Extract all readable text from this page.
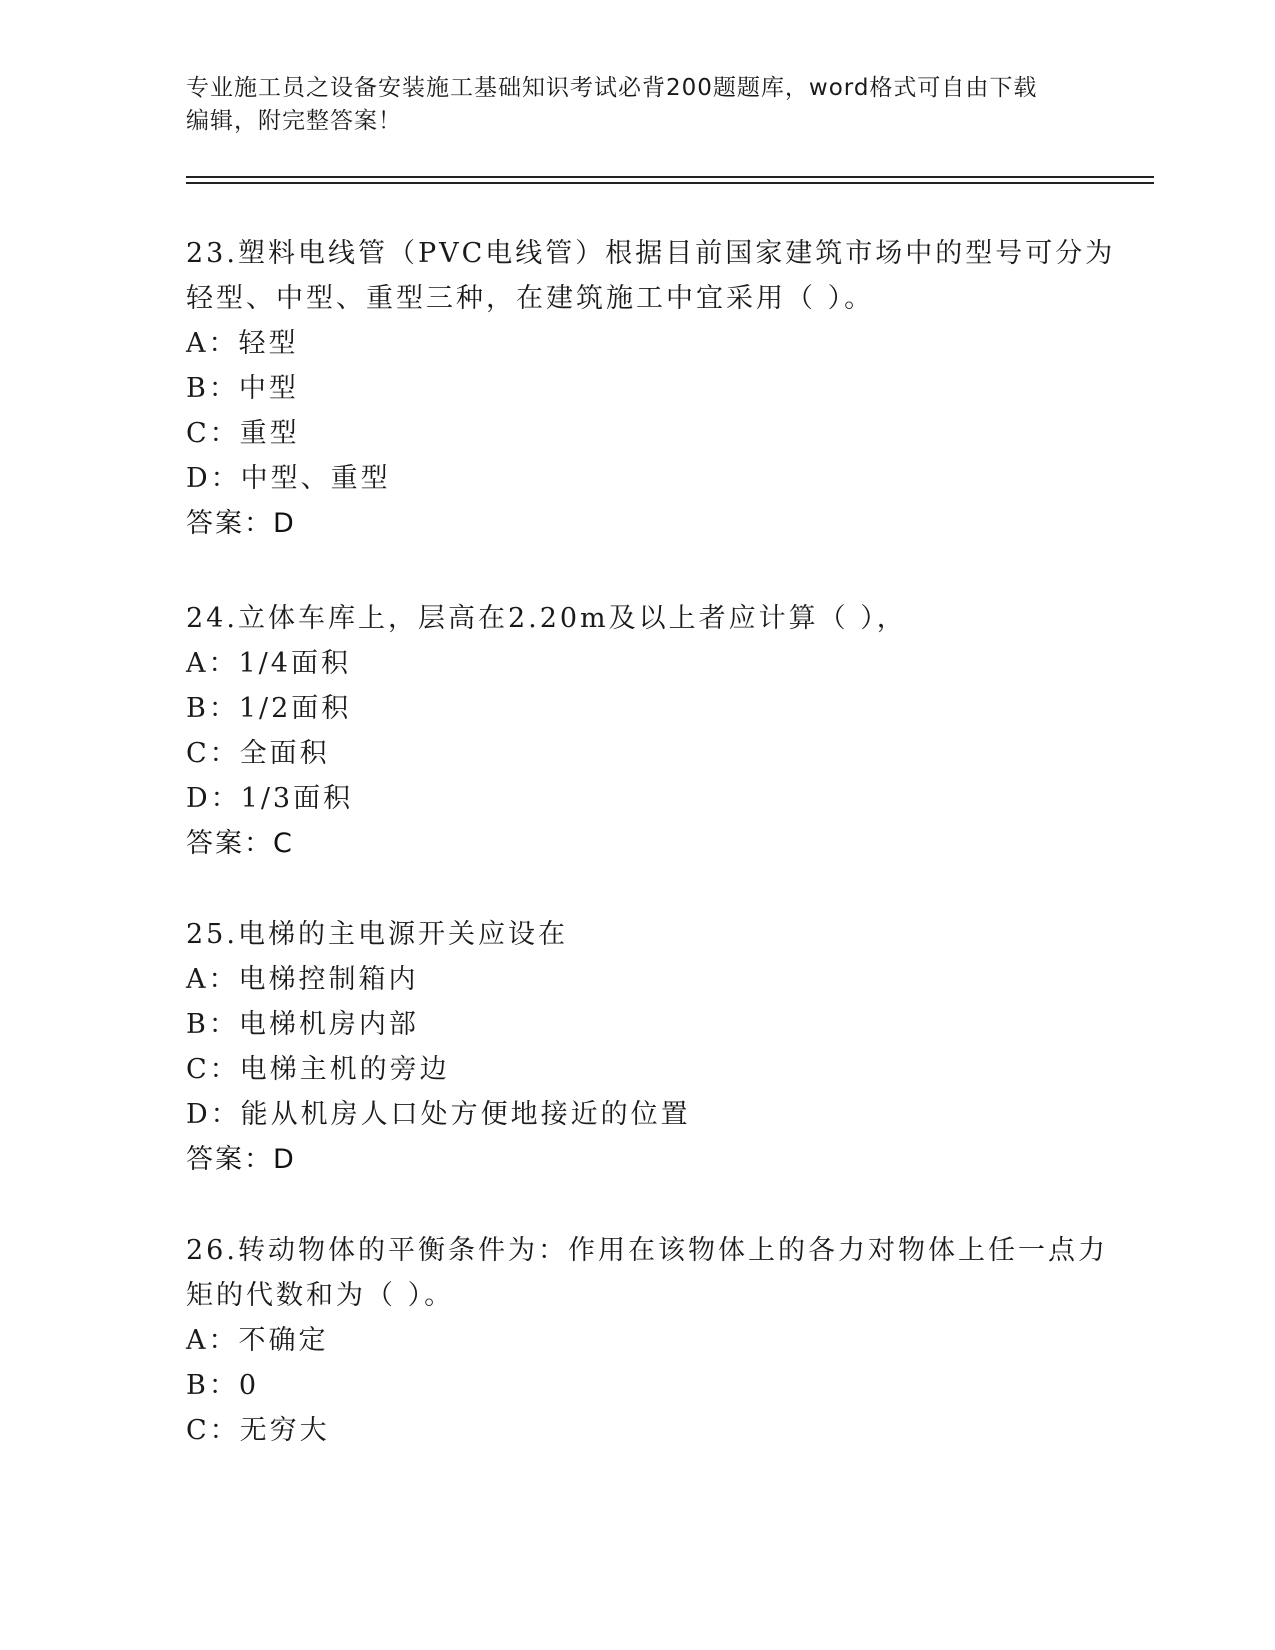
专业施工员之设备安装施工基础知识考试必背200题题库，word格式可自由下载
编辑，附完整答案！
23.塑料电线管（PVC电线管）根据目前国家建筑市场中的型号可分为
轻型、中型、重型三种，在建筑施工中宜采用（ ）。
A：轻型
B：中型
C：重型
D：中型、重型
答案：D
24.立体车库上，层高在2.20m及以上者应计算（ ），
A：1/4面积
B：1/2面积
C：全面积
D：1/3面积
答案：C
25.电梯的主电源开关应设在
A：电梯控制箱内
B：电梯机房内部
C：电梯主机的旁边
D：能从机房人口处方便地接近的位置
答案：D
26.转动物体的平衡条件为：作用在该物体上的各力对物体上任一点力
矩的代数和为（ ）。
A：不确定
B：0
C：无穷大
